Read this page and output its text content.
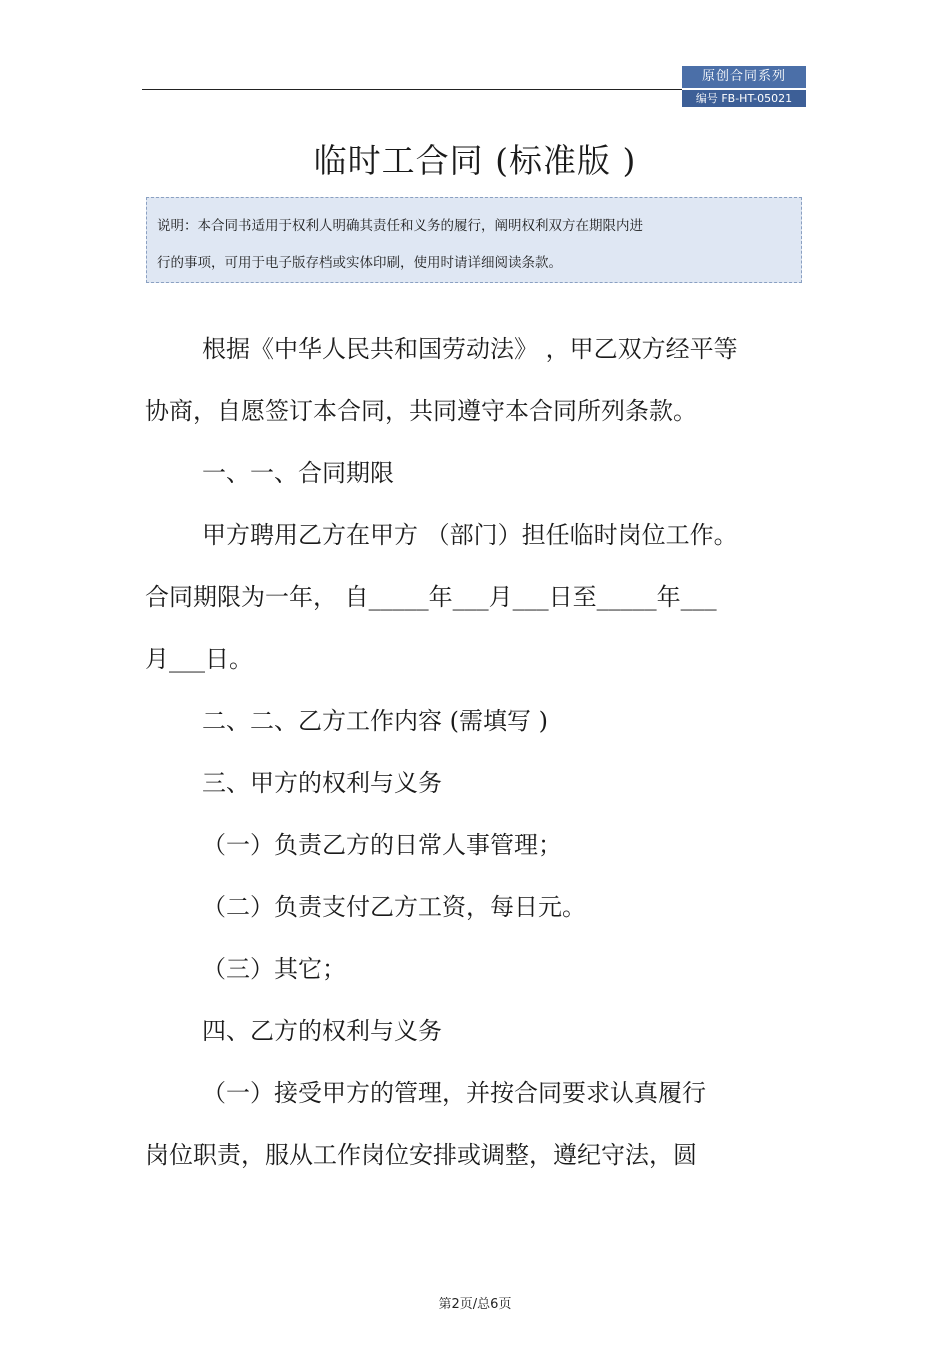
原创合同系列
编号 FB-HT-05021
临时工合同 (标准版 )
说明：本合同书适用于权利人明确其责任和义务的履行，阐明权利双方在期限内进
行的事项，可用于电子版存档或实体印刷，使用时请详细阅读条款。

根据《中华人民共和国劳动法》 ，甲乙双方经平等

协商，自愿签订本合同，共同遵守本合同所列条款。

一、一、合同期限

甲方聘用乙方在甲方 （部门）担任临时岗位工作。

合同期限为一年， 自_____年___月___日至_____年___

月___日。

二、二、乙方工作内容 (需填写 )

三、甲方的权利与义务

（一）负责乙方的日常人事管理；

（二）负责支付乙方工资，每日元。

（三）其它；

四、乙方的权利与义务

（一）接受甲方的管理，并按合同要求认真履行

岗位职责，服从工作岗位安排或调整，遵纪守法，圆

第2页/总6页
